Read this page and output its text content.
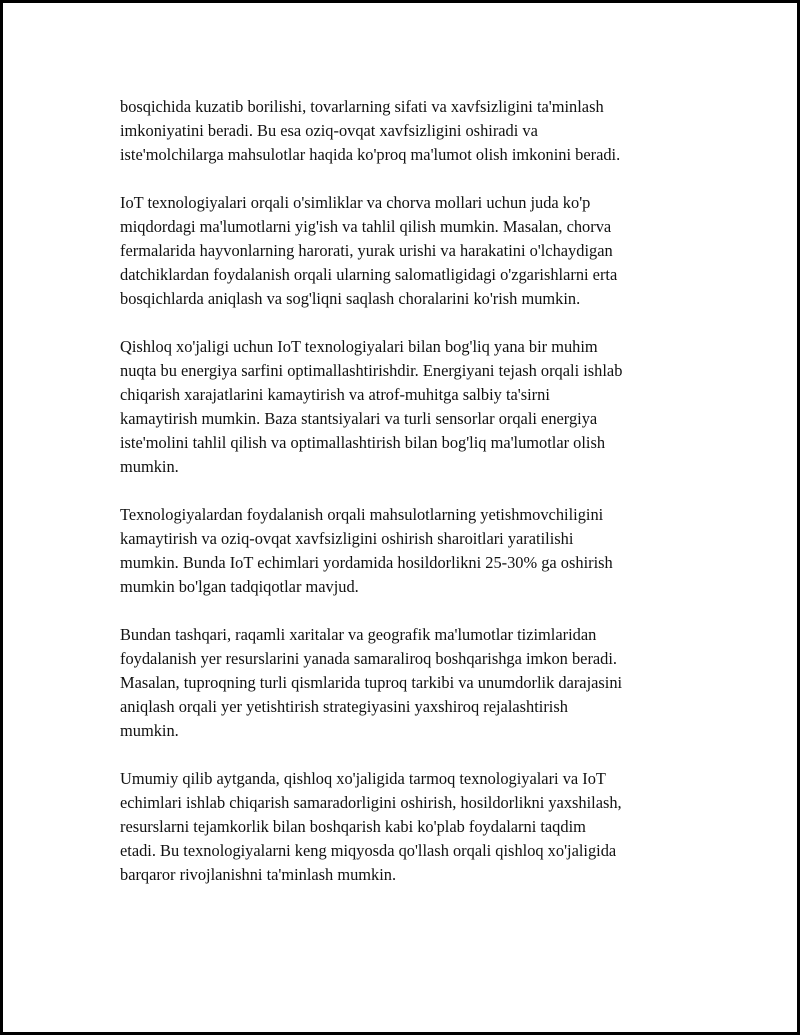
bosqichida kuzatib borilishi, tovarlarning sifati va xavfsizligini ta'minlash
imkoniyatini beradi. Bu esa oziq-ovqat xavfsizligini oshiradi va
iste'molchilarga mahsulotlar haqida ko'proq ma'lumot olish imkonini beradi.

IoT texnologiyalari orqali o'simliklar va chorva mollari uchun juda ko'p
miqdordagi ma'lumotlarni yig'ish va tahlil qilish mumkin. Masalan, chorva
fermalarida hayvonlarning harorati, yurak urishi va harakatini o'lchaydigan
datchiklardan foydalanish orqali ularning salomatligidagi o'zgarishlarni erta
bosqichlarda aniqlash va sog'liqni saqlash choralarini ko'rish mumkin.

Qishloq xo'jaligi uchun IoT texnologiyalari bilan bog'liq yana bir muhim
nuqta bu energiya sarfini optimallashtirishdir. Energiyani tejash orqali ishlab
chiqarish xarajatlarini kamaytirish va atrof-muhitga salbiy ta'sirni
kamaytirish mumkin. Baza stantsiyalari va turli sensorlar orqali energiya
iste'molini tahlil qilish va optimallashtirish bilan bog'liq ma'lumotlar olish
mumkin.

Texnologiyalardan foydalanish orqali mahsulotlarning yetishmovchiligini
kamaytirish va oziq-ovqat xavfsizligini oshirish sharoitlari yaratilishi
mumkin. Bunda IoT echimlari yordamida hosildorlikni 25-30% ga oshirish
mumkin bo'lgan tadqiqotlar mavjud.

Bundan tashqari, raqamli xaritalar va geografik ma'lumotlar tizimlaridan
foydalanish yer resurslarini yanada samaraliroq boshqarishga imkon beradi.
Masalan, tuproqning turli qismlarida tuproq tarkibi va unumdorlik darajasini
aniqlash orqali yer yetishtirish strategiyasini yaxshiroq rejalashtirish
mumkin.

Umumiy qilib aytganda, qishloq xo'jaligida tarmoq texnologiyalari va IoT
echimlari ishlab chiqarish samaradorligini oshirish, hosildorlikni yaxshilash,
resurslarni tejamkorlik bilan boshqarish kabi ko'plab foydalarni taqdim
etadi. Bu texnologiyalarni keng miqyosda qo'llash orqali qishloq xo'jaligida
barqaror rivojlanishni ta'minlash mumkin.
